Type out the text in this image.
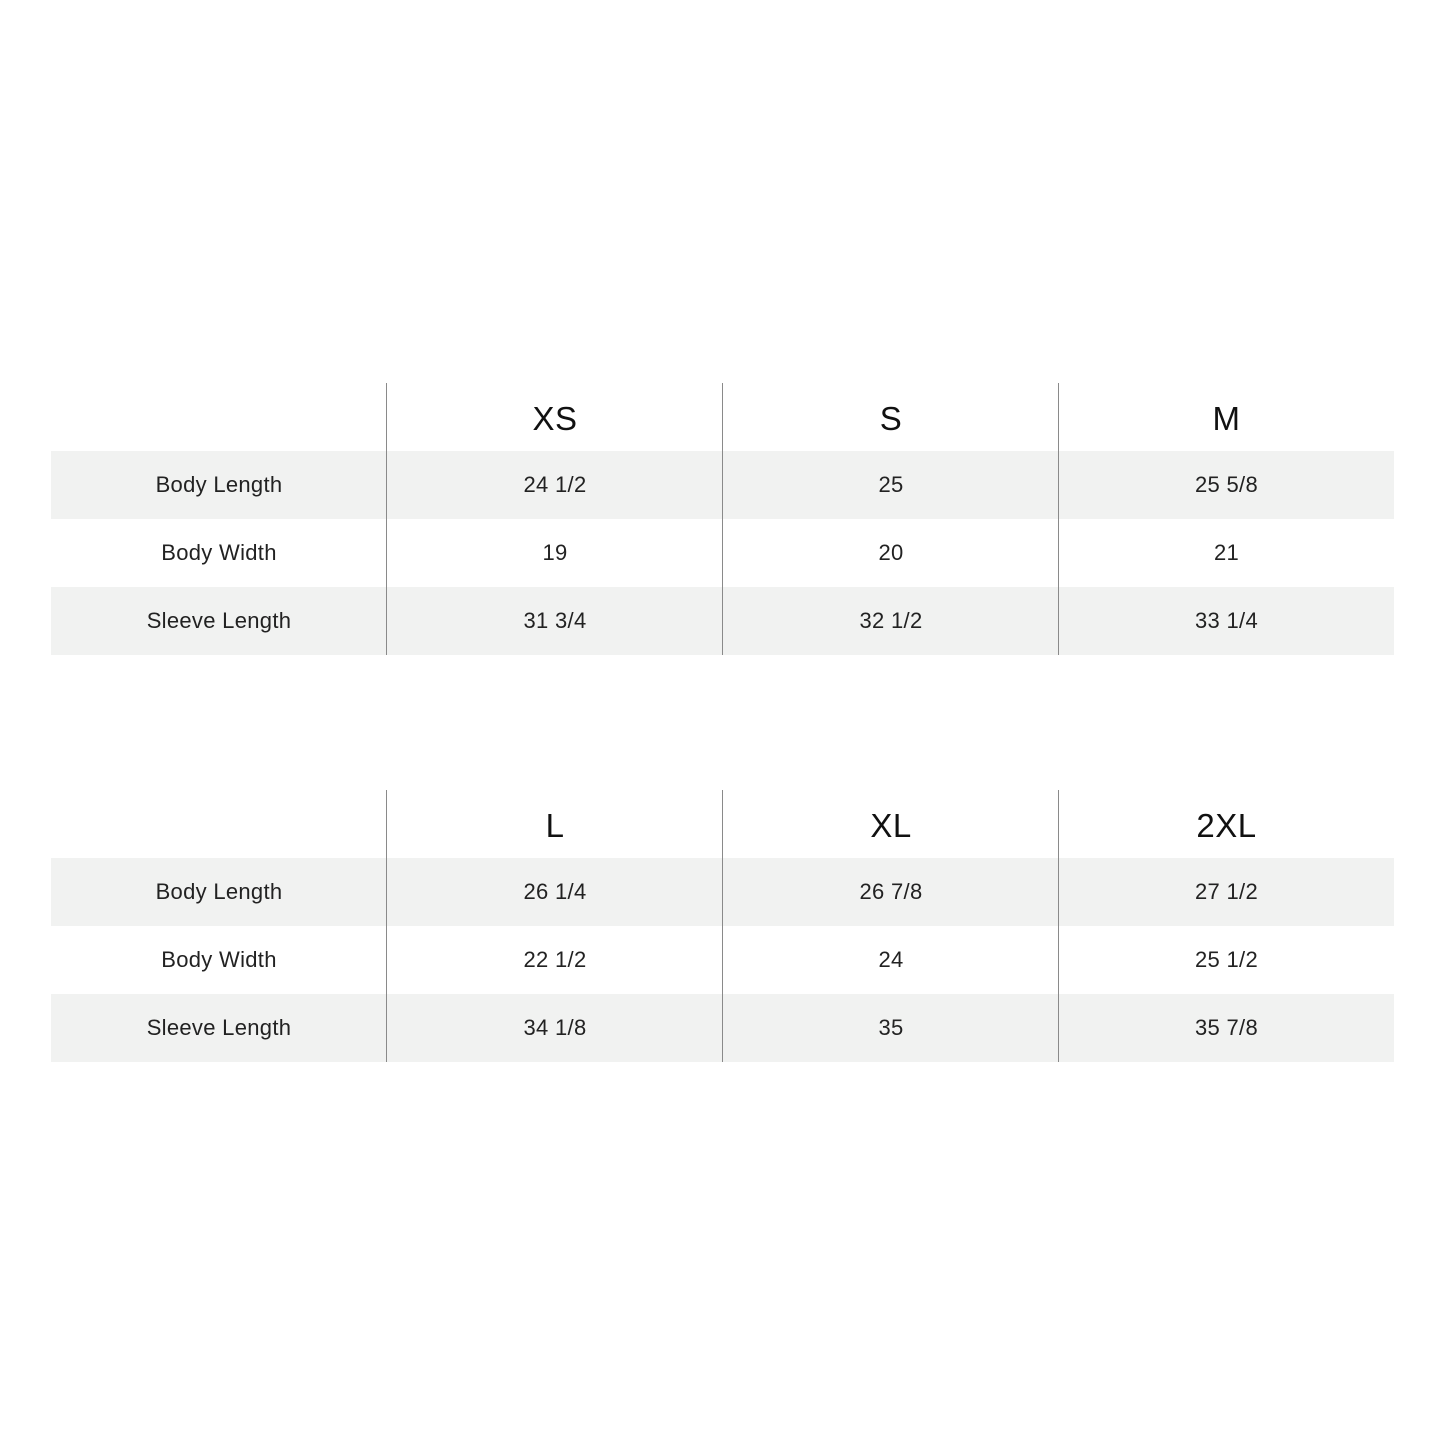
XS	S	M
Body Length	24 1/2	25	25 5/8
Body Width	19	20	21
Sleeve Length	31 3/4	32 1/2	33 1/4
L	XL	2XL
Body Length	26 1/4	26 7/8	27 1/2
Body Width	22 1/2	24	25 1/2
Sleeve Length	34 1/8	35	35 7/8
